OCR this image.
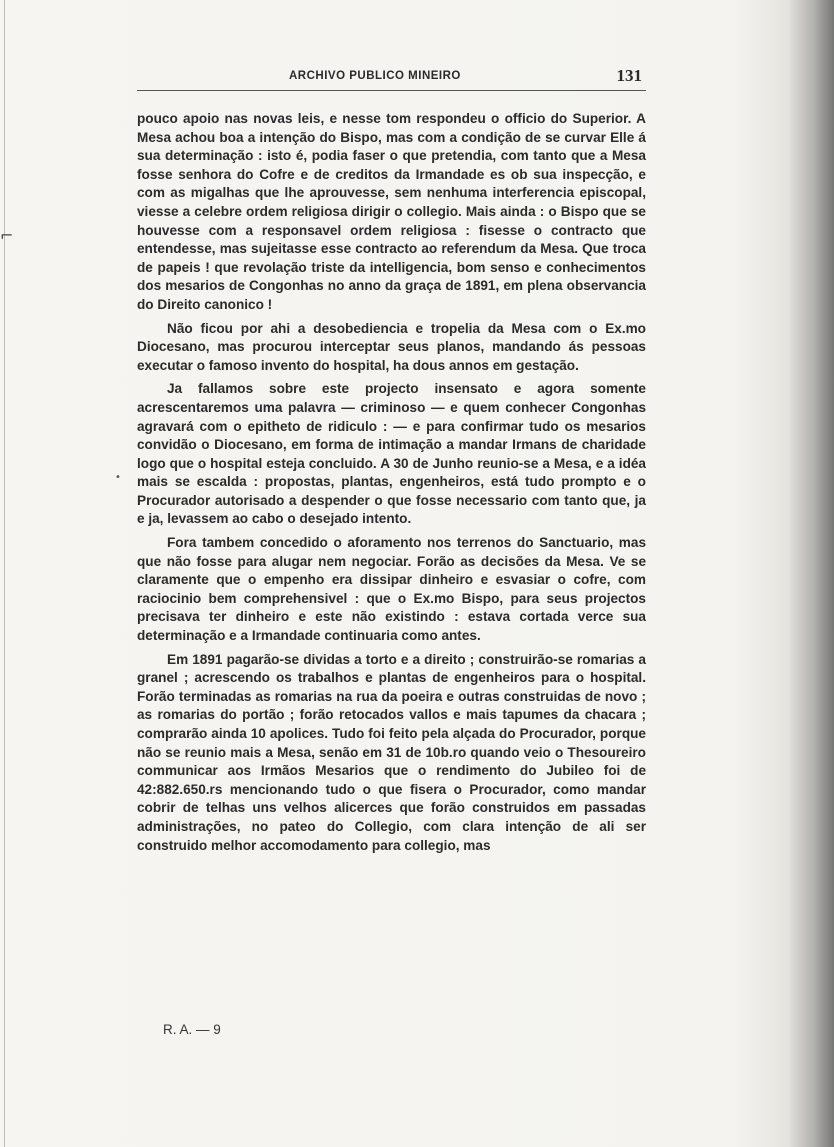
ARCHIVO PUBLICO MINEIRO	131
⌐
•

pouco apoio nas novas leis, e nesse tom respondeu o officio do Superior. A Mesa achou boa a intenção do Bispo, mas com a condição de se curvar Elle á sua determinação : isto é, podia faser o que pretendia, com tanto que a Mesa fosse senhora do Cofre e de creditos da Irmandade es ob sua inspecção, e com as migalhas que lhe aprouvesse, sem nenhuma interferencia episcopal, viesse a celebre ordem religiosa dirigir o collegio. Mais ainda : o Bispo que se houvesse com a responsavel ordem religiosa : fisesse o contracto que entendesse, mas sujeitasse esse contracto ao referendum da Mesa. Que troca de papeis ! que revolação triste da intelligencia, bom senso e conhecimentos dos mesarios de Congonhas no anno da graça de 1891, em plena observancia do Direito canonico !

Não ficou por ahi a desobediencia e tropelia da Mesa com o Ex.mo Diocesano, mas procurou interceptar seus planos, mandando ás pessoas executar o famoso invento do hospital, ha dous annos em gestação.

Ja fallamos sobre este projecto insensato e agora somente acrescentaremos uma palavra — criminoso — e quem conhecer Congonhas agravará com o epitheto de ridiculo : — e para confirmar tudo os mesarios convidão o Diocesano, em forma de intimação a mandar Irmans de charidade logo que o hospital esteja concluido. A 30 de Junho reunio-se a Mesa, e a idéa mais se escalda : propostas, plantas, engenheiros, está tudo prompto e o Procurador autorisado a despender o que fosse necessario com tanto que, ja e ja, levassem ao cabo o desejado intento.

Fora tambem concedido o aforamento nos terrenos do Sanctuario, mas que não fosse para alugar nem negociar. Forão as decisões da Mesa. Ve se claramente que o empenho era dissipar dinheiro e esvasiar o cofre, com raciocinio bem comprehensivel : que o Ex.mo Bispo, para seus projectos precisava ter dinheiro e este não existindo : estava cortada verce sua determinação e a Irmandade continuaria como antes.

Em 1891 pagarão-se dividas a torto e a direito ; construirão-se romarias a granel ; acrescendo os trabalhos e plantas de engenheiros para o hospital. Forão terminadas as romarias na rua da poeira e outras construidas de novo ; as romarias do portão ; forão retocados vallos e mais tapumes da chacara ; comprarão ainda 10 apolices. Tudo foi feito pela alçada do Procurador, porque não se reunio mais a Mesa, senão em 31 de 10b.ro quando veio o Thesoureiro communicar aos Irmãos Mesarios que o rendimento do Jubileo foi de 42:882.650.rs mencionando tudo o que fisera o Procurador, como mandar cobrir de telhas uns velhos alicerces que forão construidos em passadas administrações, no pateo do Collegio, com clara intenção de ali ser construido melhor accomodamento para collegio, mas

R. A. — 9
